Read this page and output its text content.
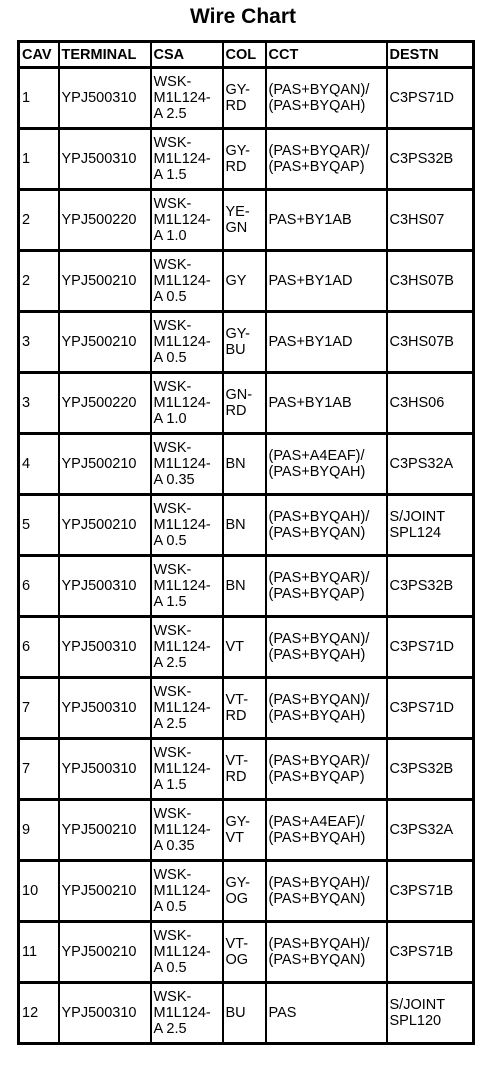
Wire Chart
CAV	TERMINAL	CSA	COL	CCT	DESTN
1	YPJ500310	WSK-
M1L124-
A 2.5	GY-
RD	(PAS+BYQAN)/
(PAS+BYQAH)	C3PS71D
1	YPJ500310	WSK-
M1L124-
A 1.5	GY-
RD	(PAS+BYQAR)/
(PAS+BYQAP)	C3PS32B
2	YPJ500220	WSK-
M1L124-
A 1.0	YE-
GN	PAS+BY1AB	C3HS07
2	YPJ500210	WSK-
M1L124-
A 0.5	GY	PAS+BY1AD	C3HS07B
3	YPJ500210	WSK-
M1L124-
A 0.5	GY-
BU	PAS+BY1AD	C3HS07B
3	YPJ500220	WSK-
M1L124-
A 1.0	GN-
RD	PAS+BY1AB	C3HS06
4	YPJ500210	WSK-
M1L124-
A 0.35	BN	(PAS+A4EAF)/
(PAS+BYQAH)	C3PS32A
5	YPJ500210	WSK-
M1L124-
A 0.5	BN	(PAS+BYQAH)/
(PAS+BYQAN)	S/JOINT
SPL124
6	YPJ500310	WSK-
M1L124-
A 1.5	BN	(PAS+BYQAR)/
(PAS+BYQAP)	C3PS32B
6	YPJ500310	WSK-
M1L124-
A 2.5	VT	(PAS+BYQAN)/
(PAS+BYQAH)	C3PS71D
7	YPJ500310	WSK-
M1L124-
A 2.5	VT-
RD	(PAS+BYQAN)/
(PAS+BYQAH)	C3PS71D
7	YPJ500310	WSK-
M1L124-
A 1.5	VT-
RD	(PAS+BYQAR)/
(PAS+BYQAP)	C3PS32B
9	YPJ500210	WSK-
M1L124-
A 0.35	GY-
VT	(PAS+A4EAF)/
(PAS+BYQAH)	C3PS32A
10	YPJ500210	WSK-
M1L124-
A 0.5	GY-
OG	(PAS+BYQAH)/
(PAS+BYQAN)	C3PS71B
11	YPJ500210	WSK-
M1L124-
A 0.5	VT-
OG	(PAS+BYQAH)/
(PAS+BYQAN)	C3PS71B
12	YPJ500310	WSK-
M1L124-
A 2.5	BU	PAS	S/JOINT
SPL120
